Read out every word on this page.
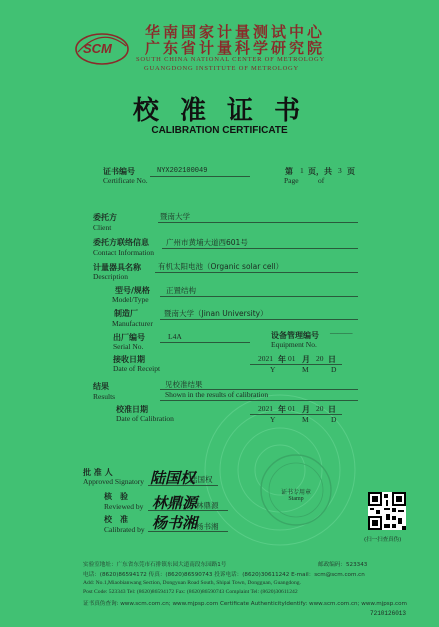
SCM
华南国家计量测试中心
广东省计量科学研究院
SOUTH CHINA NATIONAL CENTER OF METROLOGY
GUANGDONG INSTITUTE OF METROLOGY
校 准 证 书
CALIBRATION CERTIFICATE
证书编号
Certificate No.
NYX202100049	第 1 页，共 3 页
Page	of
委托方
Client
暨南大学
委托方联络信息
Contact Information
广州市黄埔大道西601号
计量器具名称
Description
有机太阳电池（Organic solar cell）
型号/规格
Model/Type
正置结构
制造厂
Manufacturer
暨南大学（Jinan University）
出厂编号
Serial No.
L4A	设备管理编号
Equipment No.
———
接收日期
Date of Receipt
2021 年 01 月 20 日
Y	M	D
结果
Results
见校准结果
Shown in the results of calibration
校准日期
Date of Calibration
2021 年 01 月 20 日
Y	M	D
批 准 人
Approved Signatory 陆国权
陆国权
核　验
Reviewed by 林鼎源
林鼎源
校　准
Calibrated by 杨书湘
杨书湘
证书专用章
Stamp
(扫一扫查真伪)
实验室地址：广东省东莞市石排镇东园大道南段东园路1号	邮政编码：523343
电话：(8620)86594172 传真：(8620)86590743 投诉电话：(8620)30611242 E-mail：scm@scm.com.cn
Add: No.1,Miaobianwang Section, Dongyuan Road South, Shipai Town, Dongguan, Guangdong.
Post Code: 523343 Tel: (8620)86594172 Fax: (8620)86590743 Complaint Tel: (8620)30611242
证书真伪查询: www.scm.com.cn; www.mjpsp.com Certificate Authenticityldentify: www.scm.com.cn; www.mjpsp.com
7210126013
